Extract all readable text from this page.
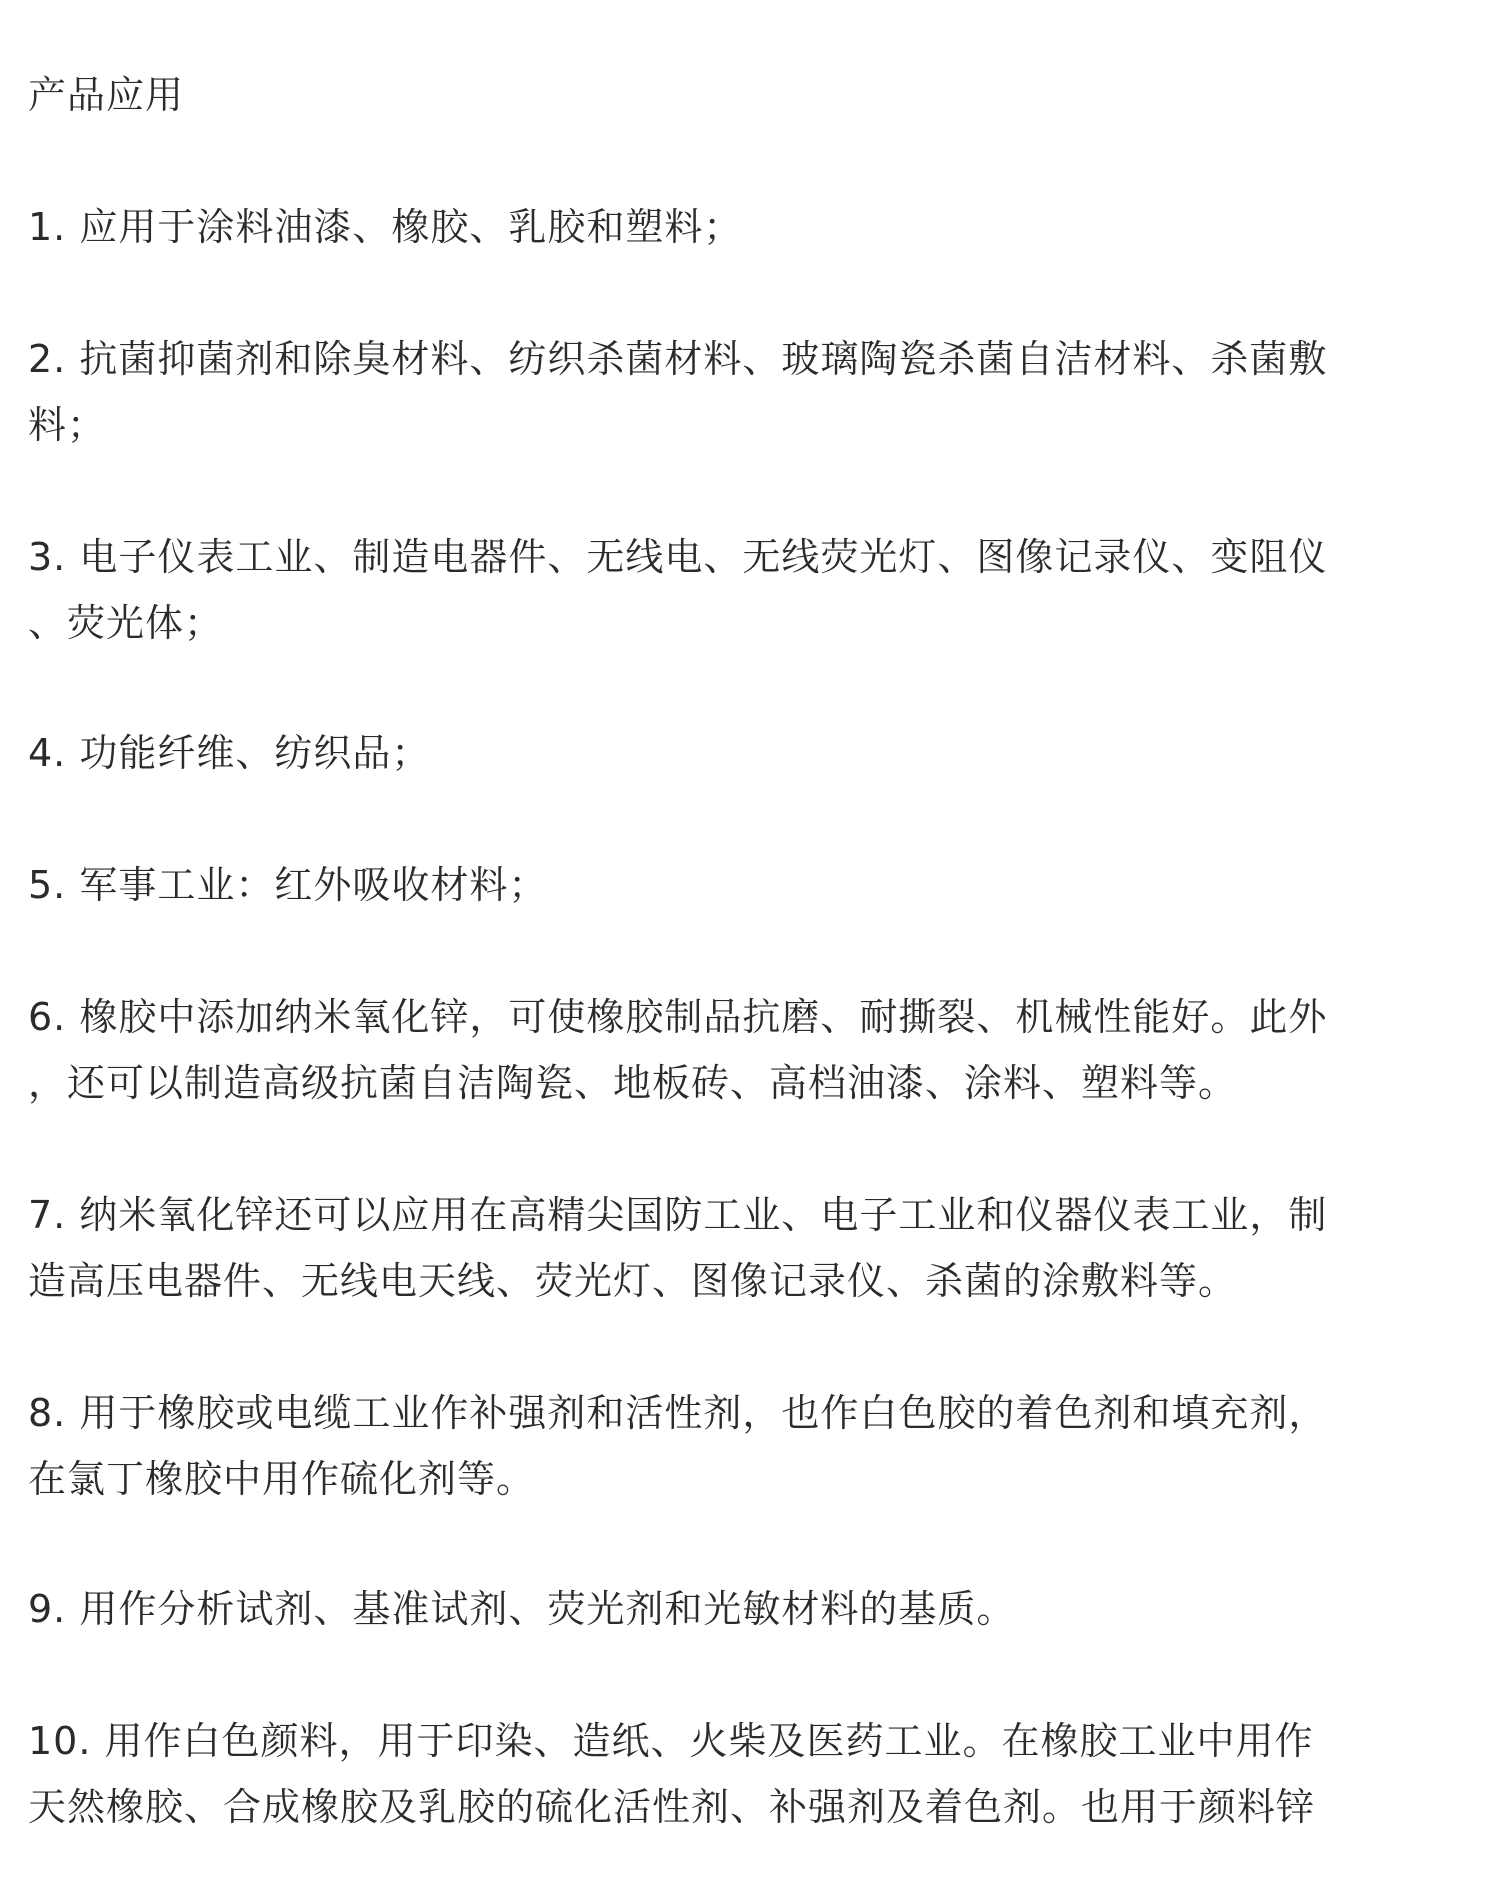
产品应用
1. 应用于涂料油漆、橡胶、乳胶和塑料；
2. 抗菌抑菌剂和除臭材料、纺织杀菌材料、玻璃陶瓷杀菌自洁材料、杀菌敷
料；
3. 电子仪表工业、制造电器件、无线电、无线荧光灯、图像记录仪、变阻仪
、荧光体；
4. 功能纤维、纺织品；
5. 军事工业：红外吸收材料；
6. 橡胶中添加纳米氧化锌，可使橡胶制品抗磨、耐撕裂、机械性能好。此外
，还可以制造高级抗菌自洁陶瓷、地板砖、高档油漆、涂料、塑料等。
7. 纳米氧化锌还可以应用在高精尖国防工业、电子工业和仪器仪表工业，制
造高压电器件、无线电天线、荧光灯、图像记录仪、杀菌的涂敷料等。
8. 用于橡胶或电缆工业作补强剂和活性剂，也作白色胶的着色剂和填充剂，
在氯丁橡胶中用作硫化剂等。
9. 用作分析试剂、基准试剂、荧光剂和光敏材料的基质。
10. 用作白色颜料，用于印染、造纸、火柴及医药工业。在橡胶工业中用作
天然橡胶、合成橡胶及乳胶的硫化活性剂、补强剂及着色剂。也用于颜料锌
